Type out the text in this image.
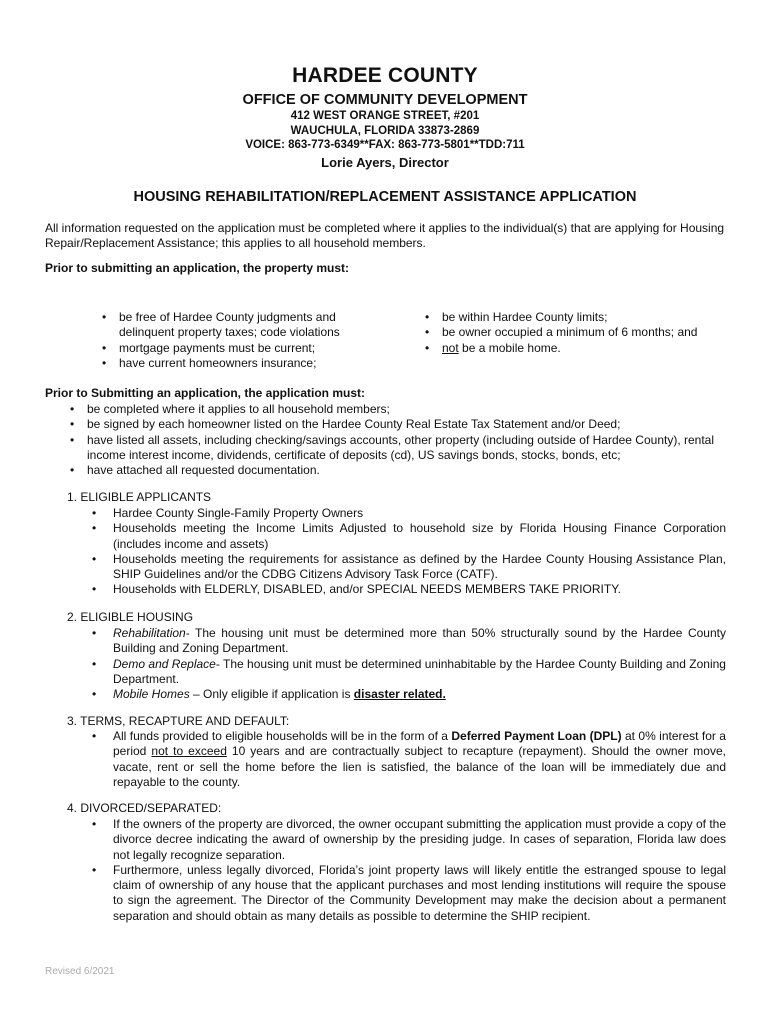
HARDEE COUNTY
OFFICE OF COMMUNITY DEVELOPMENT
412 WEST ORANGE STREET, #201
WAUCHULA, FLORIDA 33873-2869
VOICE: 863-773-6349**FAX: 863-773-5801**TDD:711
Lorie Ayers, Director
HOUSING REHABILITATION/REPLACEMENT ASSISTANCE APPLICATION
All information requested on the application must be completed where it applies to the individual(s) that are applying for Housing Repair/Replacement Assistance; this applies to all household members.
Prior to submitting an application, the property must:
• be free of Hardee County judgments and delinquent property taxes; code violations
• mortgage payments must be current;
• have current homeowners insurance;
• be within Hardee County limits;
• be owner occupied a minimum of 6 months; and
• not be a mobile home.
Prior to Submitting an application, the application must:
• be completed where it applies to all household members;
• be signed by each homeowner listed on the Hardee County Real Estate Tax Statement and/or Deed;
• have listed all assets, including checking/savings accounts, other property (including outside of Hardee County), rental income interest income, dividends, certificate of deposits (cd), US savings bonds, stocks, bonds, etc;
• have attached all requested documentation.
1. ELIGIBLE APPLICANTS
• Hardee County Single-Family Property Owners
• Households meeting the Income Limits Adjusted to household size by Florida Housing Finance Corporation (includes income and assets)
• Households meeting the requirements for assistance as defined by the Hardee County Housing Assistance Plan, SHIP Guidelines and/or the CDBG Citizens Advisory Task Force (CATF).
• Households with ELDERLY, DISABLED, and/or SPECIAL NEEDS MEMBERS TAKE PRIORITY.
2. ELIGIBLE HOUSING
• Rehabilitation- The housing unit must be determined more than 50% structurally sound by the Hardee County Building and Zoning Department.
• Demo and Replace- The housing unit must be determined uninhabitable by the Hardee County Building and Zoning Department.
• Mobile Homes – Only eligible if application is disaster related.
3. TERMS, RECAPTURE AND DEFAULT:
• All funds provided to eligible households will be in the form of a Deferred Payment Loan (DPL) at 0% interest for a period not to exceed 10 years and are contractually subject to recapture (repayment). Should the owner move, vacate, rent or sell the home before the lien is satisfied, the balance of the loan will be immediately due and repayable to the county.
4. DIVORCED/SEPARATED:
• If the owners of the property are divorced, the owner occupant submitting the application must provide a copy of the divorce decree indicating the award of ownership by the presiding judge. In cases of separation, Florida law does not legally recognize separation.
• Furthermore, unless legally divorced, Florida’s joint property laws will likely entitle the estranged spouse to legal claim of ownership of any house that the applicant purchases and most lending institutions will require the spouse to sign the agreement. The Director of the Community Development may make the decision about a permanent separation and should obtain as many details as possible to determine the SHIP recipient.
Revised 6/2021
